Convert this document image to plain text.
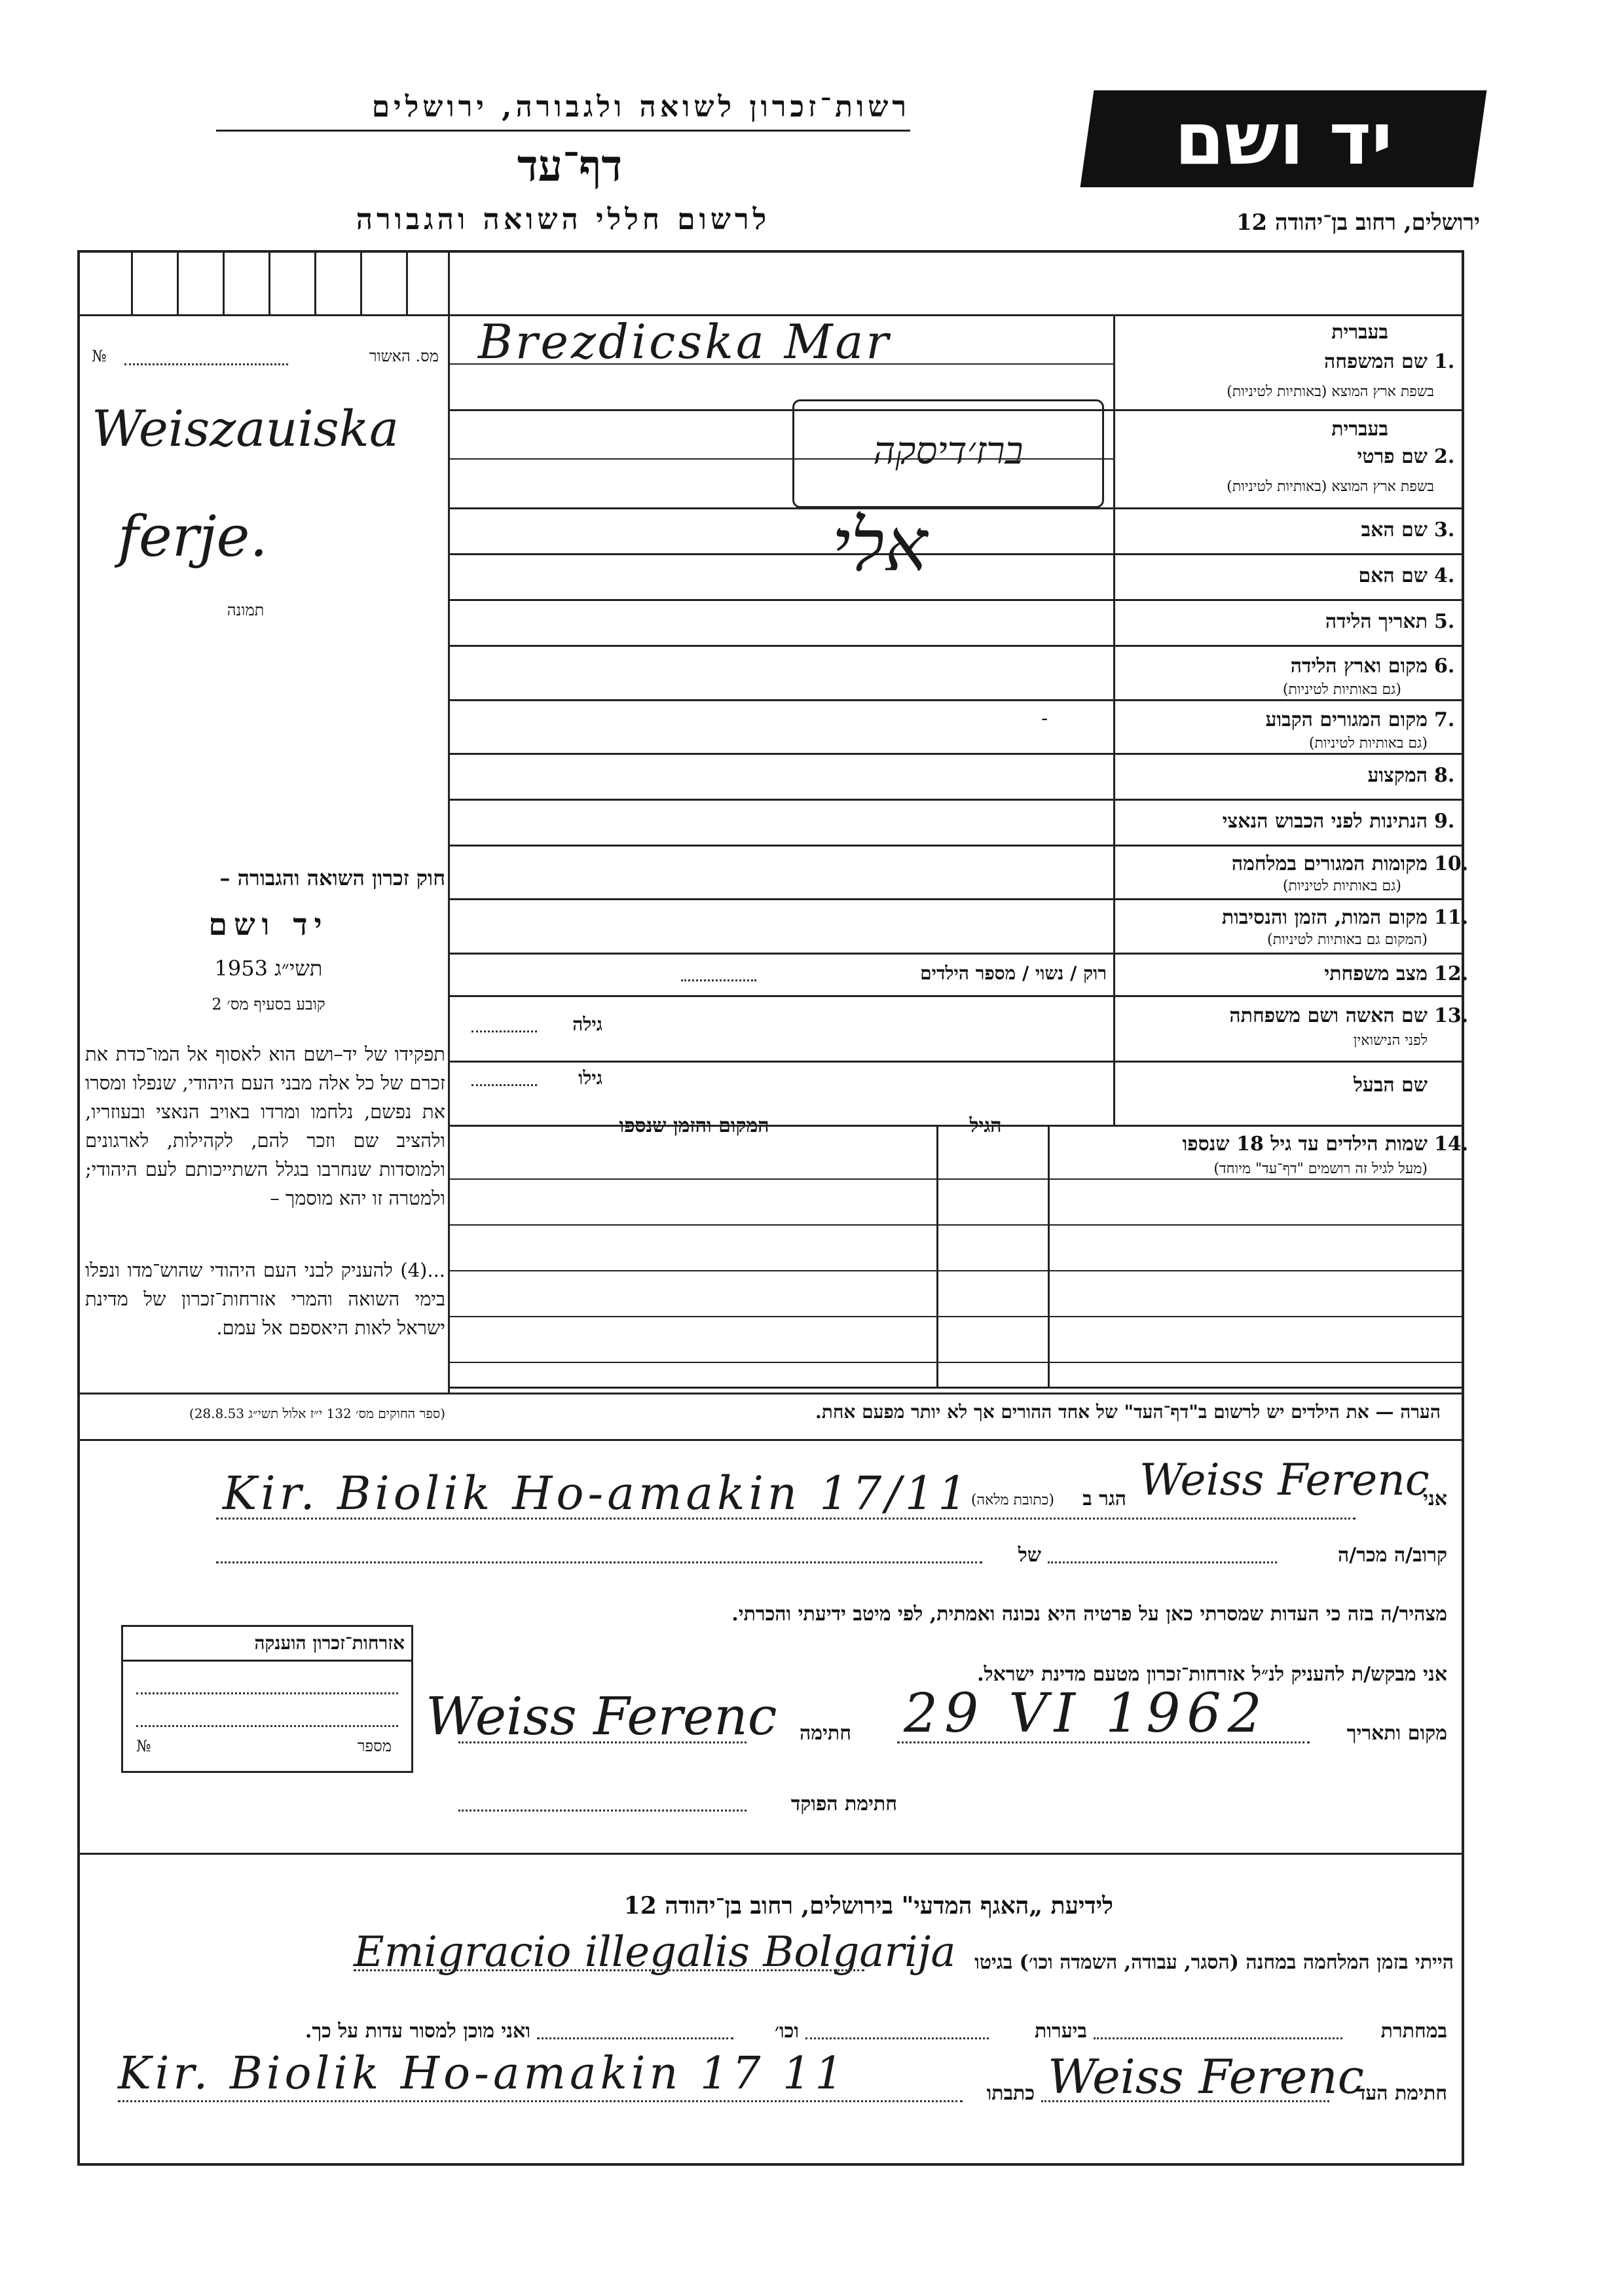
רשות־זכרון לשואה ולגבורה, ירושלים
דף־עד
לרשום חללי השואה והגבורה
יד ושם
ירושלים, רחוב בן־יהודה 12
מס. האשור
№
Weiszauiska
ferje.
תמונה
חוק זכרון השואה והגבורה –
יד ושם
תשי״ג 1953
קובע בסעיף מס׳ 2
תפקידו של יד–ושם הוא לאסוף אל המו־כדת את זכרם של כל אלה מבני העם היהודי, שנפלו ומסרו את נפשם, נלחמו ומרדו באויב הנאצי ובעוזריו, ולהציב שם וזכר להם, לקהילות, לארגונים ולמוסדות שנחרבו בגלל השתייכותם לעם היהודי; ולמטרה זו יהא מוסמך –
...(4) להעניק לבני העם היהודי שהוש־מדו ונפלו בימי השואה והמרי אזרחות־זכרון של מדינת ישראל לאות היאספם אל עמם.
(ספר החוקים מס׳ 132 י״ז אלול תשי״ג 28.8.53)
1.
שם המשפחה
בשפת ארץ המוצא (באותיות לטיניות)
בעברית
Brezdicska Mar
2.
שם פרטי
בשפת ארץ המוצא (באותיות לטיניות)
בעברית
ברז׳דיסקה
3.
שם האב
אלי	4.
שם האם
5.
תאריך הלידה
6.
מקום וארץ הלידה
(גם באותיות לטיניות)
7.
מקום המגורים הקבוע
(גם באותיות לטיניות)
-
8.
המקצוע
9.
הנתינות לפני הכבוש הנאצי
10.
מקומות המגורים במלחמה
(גם באותיות לטיניות)
11.
מקום המות, הזמן והנסיבות
(המקום גם באותיות לטיניות)
12.
מצב משפחתי
רוק / נשוי / מספר הילדים
13.
שם האשה ושם משפחתה
לפני הנישואין
גילה
שם הבעל
גילו
14.
שמות הילדים עד גיל 18 שנספו
(מעל לגיל זה רושמים "דף־עד" מיוחד)
הגיל
המקום והזמן שנספו
הערה — את הילדים יש לרשום ב"דף־העד" של אחד ההורים אך לא יותר מפעם אחת.
אני
Weiss Ferenc
(כתובת מלאה)	הגר ב
Kir. Biolik Ho-amakin 17/11
קרוב/ה מכר/ה
של
מצהיר/ה בזה כי העדות שמסרתי כאן על פרטיה היא נכונה ואמתית, לפי מיטב ידיעתי והכרתי.
אזרחות־זכרון הוענקה
מספר
№
אני מבקש/ת להעניק לנ״ל אזרחות־זכרון מטעם מדינת ישראל.
מקום ותאריך
29 VI 1962
חתימה
Weiss Ferenc
חתימת הפוקד
לידיעת „האגף המדעי" בירושלים, רחוב בן־יהודה 12
הייתי בזמן המלחמה במחנה (הסגר, עבודה, השמדה וכו׳) בגיטו
Emigracio illegalis Bolgarija
במחתרת
ביערות
וכו׳
ואני מוכן למסור עדות על כך.
חתימת העד
Weiss Ferenc
כתבתו
Kir. Biolik Ho-amakin 17 11
